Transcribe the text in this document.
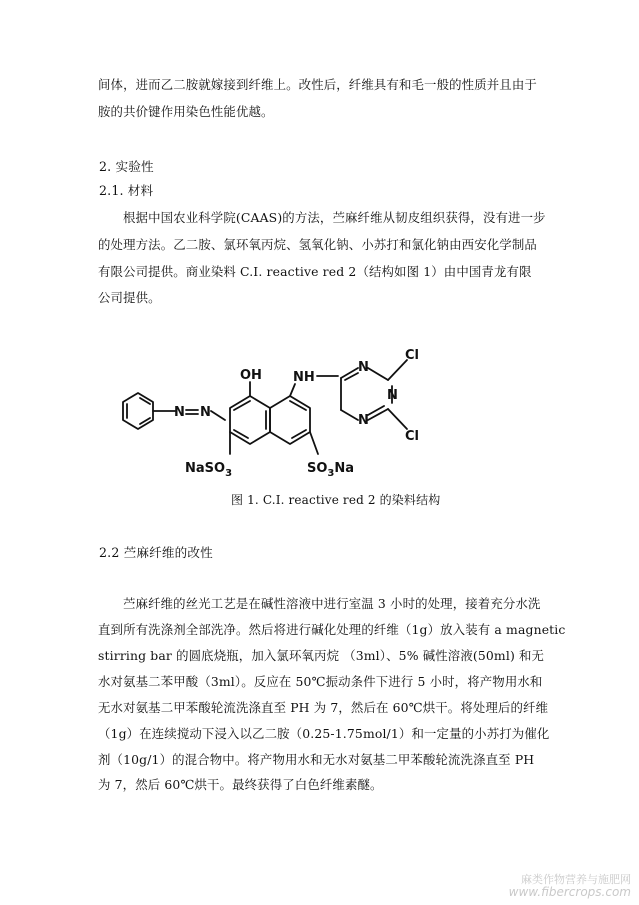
间体，进而乙二胺就嫁接到纤维上。改性后，纤维具有和毛一般的性质并且由于
胺的共价键作用染色性能优越。
2. 实验性
2.1. 材料
根据中国农业科学院(CAAS)的方法，苎麻纤维从韧皮组织获得，没有进一步
的处理方法。乙二胺、氯环氧丙烷、氢氧化钠、小苏打和氯化钠由西安化学制品
有限公司提供。商业染料 C.I. reactive red 2（结构如图 1）由中国青龙有限
公司提供。
N N
OH NH
N
N
N
Cl
Cl
NaSO$_3$	$SO_3Na$
图 1. C.I. reactive red 2 的染料结构
2.2 苎麻纤维的改性
苎麻纤维的丝光工艺是在碱性溶液中进行室温 3 小时的处理，接着充分水洗
直到所有洗涤剂全部洗净。然后将进行碱化处理的纤维（1g）放入装有 a magnetic
stirring bar 的圆底烧瓶，加入氯环氧丙烷 （3ml）、5% 碱性溶液(50ml) 和无
水对氨基二苯甲酸（3ml）。反应在 50℃振动条件下进行 5 小时，将产物用水和
无水对氨基二甲苯酸轮流洗涤直至 PH 为 7，然后在 60℃烘干。将处理后的纤维
（1g）在连续搅动下浸入以乙二胺（0.25-1.75mol/1）和一定量的小苏打为催化
剂（10g/1）的混合物中。将产物用水和无水对氨基二甲苯酸轮流洗涤直至 PH
为 7，然后 60℃烘干。最终获得了白色纤维素醚。
麻类作物营养与施肥网
www.fibercrops.com
